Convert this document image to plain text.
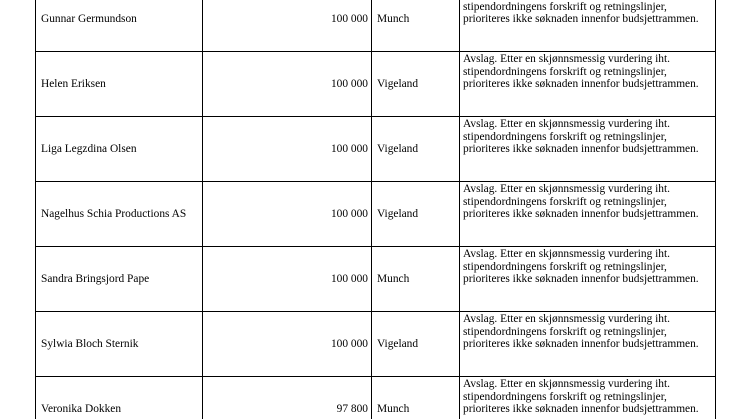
Gunnar Germundson	100 000	Munch	stipendordningens forskrift og retningslinjer, prioriteres ikke søknaden innenfor budsjettrammen.

Helen Eriksen	100 000	Vigeland	Avslag. Etter en skjønnsmessig vurdering iht. stipendordningens forskrift og retningslinjer, prioriteres ikke søknaden innenfor budsjettrammen.

Liga Legzdina Olsen	100 000	Vigeland	Avslag. Etter en skjønnsmessig vurdering iht. stipendordningens forskrift og retningslinjer, prioriteres ikke søknaden innenfor budsjettrammen.

Nagelhus Schia Productions AS	100 000	Vigeland	Avslag. Etter en skjønnsmessig vurdering iht. stipendordningens forskrift og retningslinjer, prioriteres ikke søknaden innenfor budsjettrammen.

Sandra Bringsjord Pape	100 000	Munch	Avslag. Etter en skjønnsmessig vurdering iht. stipendordningens forskrift og retningslinjer, prioriteres ikke søknaden innenfor budsjettrammen.

Sylwia Bloch Sternik	100 000	Vigeland	Avslag. Etter en skjønnsmessig vurdering iht. stipendordningens forskrift og retningslinjer, prioriteres ikke søknaden innenfor budsjettrammen.

Veronika Dokken	97 800	Munch	Avslag. Etter en skjønnsmessig vurdering iht. stipendordningens forskrift og retningslinjer, prioriteres ikke søknaden innenfor budsjettrammen.
